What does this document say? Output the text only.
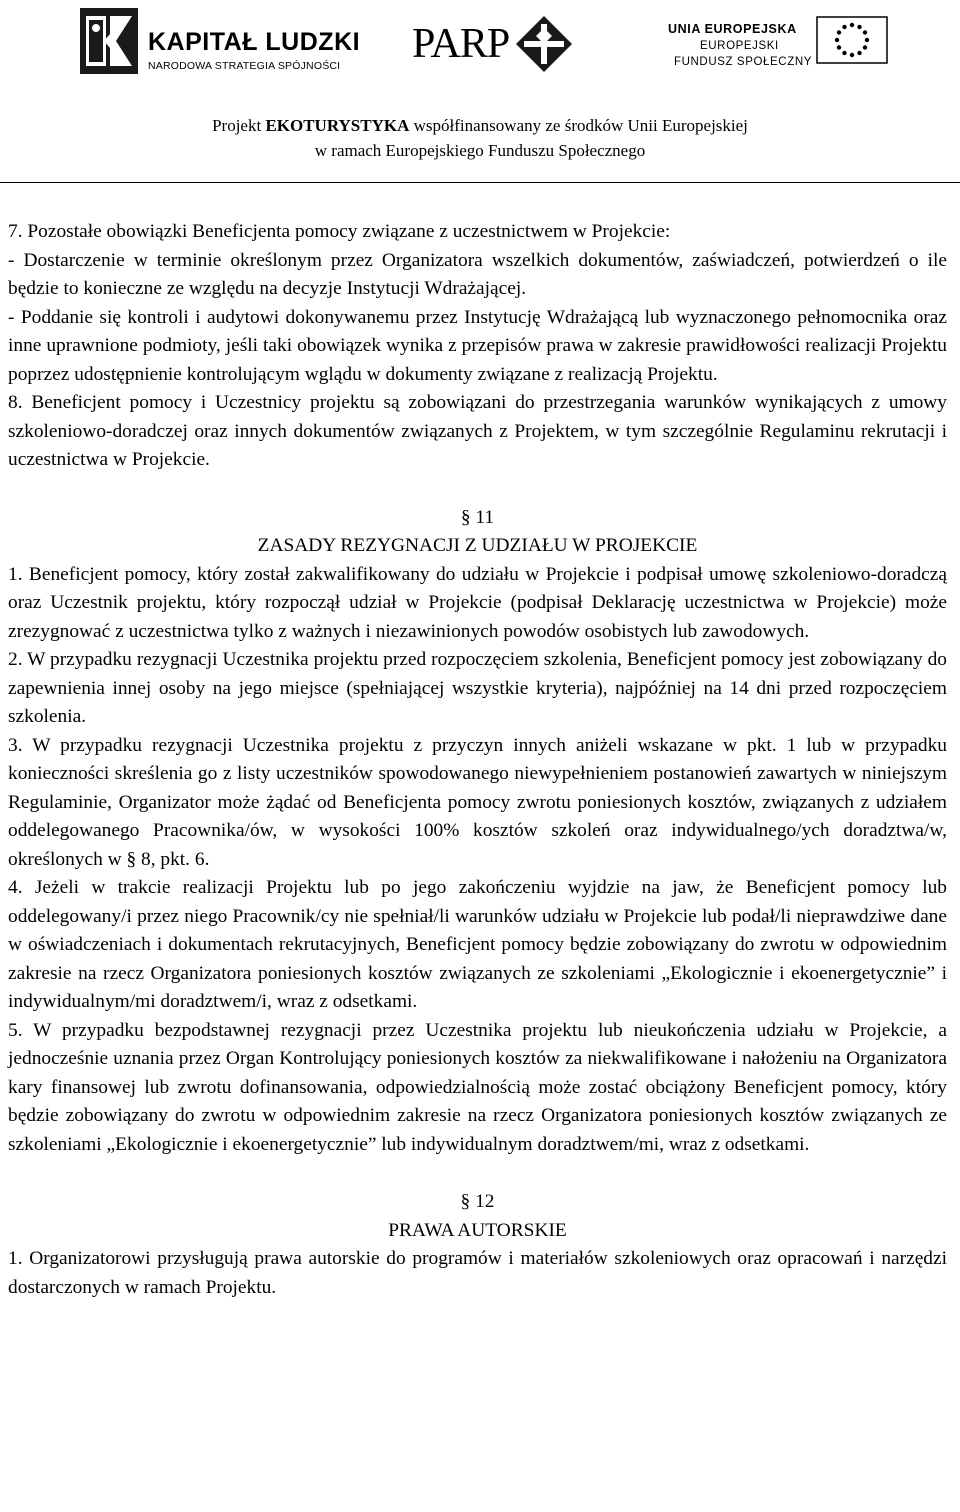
KAPITAŁ LUDZKI
NARODOWA STRATEGIA SPÓJNOŚCI PARP	UNIA EUROPEJSKA
EUROPEJSKI
FUNDUSZ SPOŁECZNY
Projekt EKOTURYSTYKA współfinansowany ze środków Unii Europejskiej
w ramach Europejskiego Funduszu Społecznego

7. Pozostałe obowiązki Beneficjenta pomocy związane z uczestnictwem w Projekcie:

- Dostarczenie w terminie określonym przez Organizatora wszelkich dokumentów, zaświadczeń, potwierdzeń o ile będzie to konieczne ze względu na decyzje Instytucji Wdrażającej.

- Poddanie się kontroli i audytowi dokonywanemu przez Instytucję Wdrażającą lub wyznaczonego pełnomocnika oraz inne uprawnione podmioty, jeśli taki obowiązek wynika z przepisów prawa w zakresie prawidłowości realizacji Projektu poprzez udostępnienie kontrolującym wglądu w dokumenty związane z realizacją Projektu.

8. Beneficjent pomocy i Uczestnicy projektu są zobowiązani do przestrzegania warunków wynikających z umowy szkoleniowo-doradczej oraz innych dokumentów związanych z Projektem, w tym szczególnie Regulaminu rekrutacji i uczestnictwa w Projekcie.

§ 11

ZASADY REZYGNACJI Z UDZIAŁU W PROJEKCIE

1. Beneficjent pomocy, który został zakwalifikowany do udziału w Projekcie i podpisał umowę szkoleniowo-doradczą oraz Uczestnik projektu, który rozpoczął udział w Projekcie (podpisał Deklarację uczestnictwa w Projekcie) może zrezygnować z uczestnictwa tylko z ważnych i niezawinionych powodów osobistych lub zawodowych.

2. W przypadku rezygnacji Uczestnika projektu przed rozpoczęciem szkolenia, Beneficjent pomocy jest zobowiązany do zapewnienia innej osoby na jego miejsce (spełniającej wszystkie kryteria), najpóźniej na 14 dni przed rozpoczęciem szkolenia.

3. W przypadku rezygnacji Uczestnika projektu z przyczyn innych aniżeli wskazane w pkt. 1 lub w przypadku konieczności skreślenia go z listy uczestników spowodowanego niewypełnieniem postanowień zawartych w niniejszym Regulaminie, Organizator może żądać od Beneficjenta pomocy zwrotu poniesionych kosztów, związanych z udziałem oddelegowanego Pracownika/ów, w wysokości 100% kosztów szkoleń oraz indywidualnego/ych doradztwa/w, określonych w § 8, pkt. 6.

4. Jeżeli w trakcie realizacji Projektu lub po jego zakończeniu wyjdzie na jaw, że Beneficjent pomocy lub oddelegowany/i przez niego Pracownik/cy nie spełniał/li warunków udziału w Projekcie lub podał/li nieprawdziwe dane w oświadczeniach i dokumentach rekrutacyjnych, Beneficjent pomocy będzie zobowiązany do zwrotu w odpowiednim zakresie na rzecz Organizatora poniesionych kosztów związanych ze szkoleniami „Ekologicznie i ekoenergetycznie” i indywidualnym/mi doradztwem/i, wraz z odsetkami.

5. W przypadku bezpodstawnej rezygnacji przez Uczestnika projektu lub nieukończenia udziału w Projekcie, a jednocześnie uznania przez Organ Kontrolujący poniesionych kosztów za niekwalifikowane i nałożeniu na Organizatora kary finansowej lub zwrotu dofinansowania, odpowiedzialnością może zostać obciążony Beneficjent pomocy, który będzie zobowiązany do zwrotu w odpowiednim zakresie na rzecz Organizatora poniesionych kosztów związanych ze szkoleniami „Ekologicznie i ekoenergetycznie” lub indywidualnym doradztwem/mi, wraz z odsetkami.

§ 12

PRAWA AUTORSKIE

1. Organizatorowi przysługują prawa autorskie do programów i materiałów szkoleniowych oraz opracowań i narzędzi dostarczonych w ramach Projektu.
